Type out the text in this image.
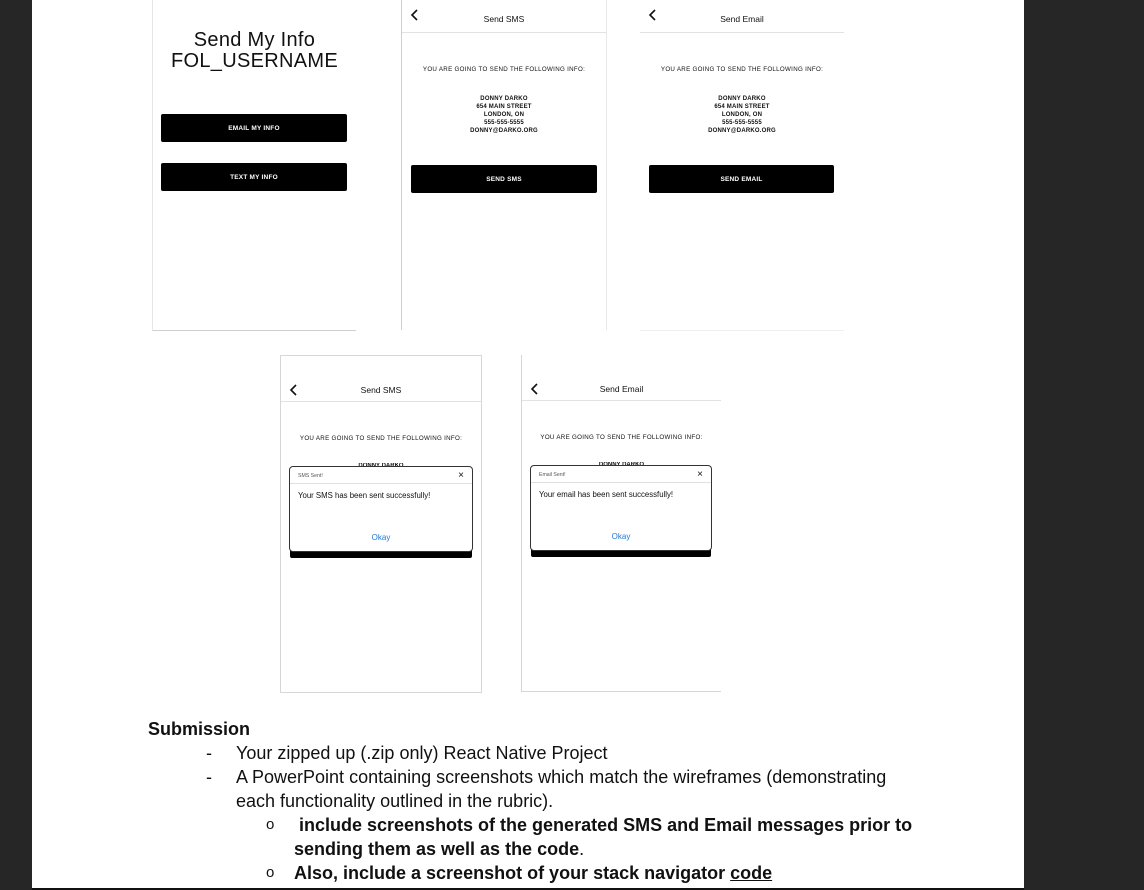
Send My Info
FOL_USERNAME
EMAIL MY INFO
TEXT MY INFO
Send SMS
YOU ARE GOING TO SEND THE FOLLOWING INFO:
DONNY DARKO
654 MAIN STREET
LONDON, ON
555-555-5555
DONNY@DARKO.ORG
SEND SMS
Send Email
YOU ARE GOING TO SEND THE FOLLOWING INFO:
DONNY DARKO
654 MAIN STREET
LONDON, ON
555-555-5555
DONNY@DARKO.ORG
SEND EMAIL
Send SMS
YOU ARE GOING TO SEND THE FOLLOWING INFO:
SMS Sent!	×
Your SMS has been sent successfully!
Okay
Send Email
YOU ARE GOING TO SEND THE FOLLOWING INFO:
Email Sent!	×
Your email has been sent successfully!
Okay
Submission
- Your zipped up (.zip only) React Native Project
- A PowerPoint containing screenshots which match the wireframes (demonstrating
each functionality outlined in the rubric).
o include screenshots of the generated SMS and Email messages prior to
sending them as well as the code.
o Also, include a screenshot of your stack navigator code
